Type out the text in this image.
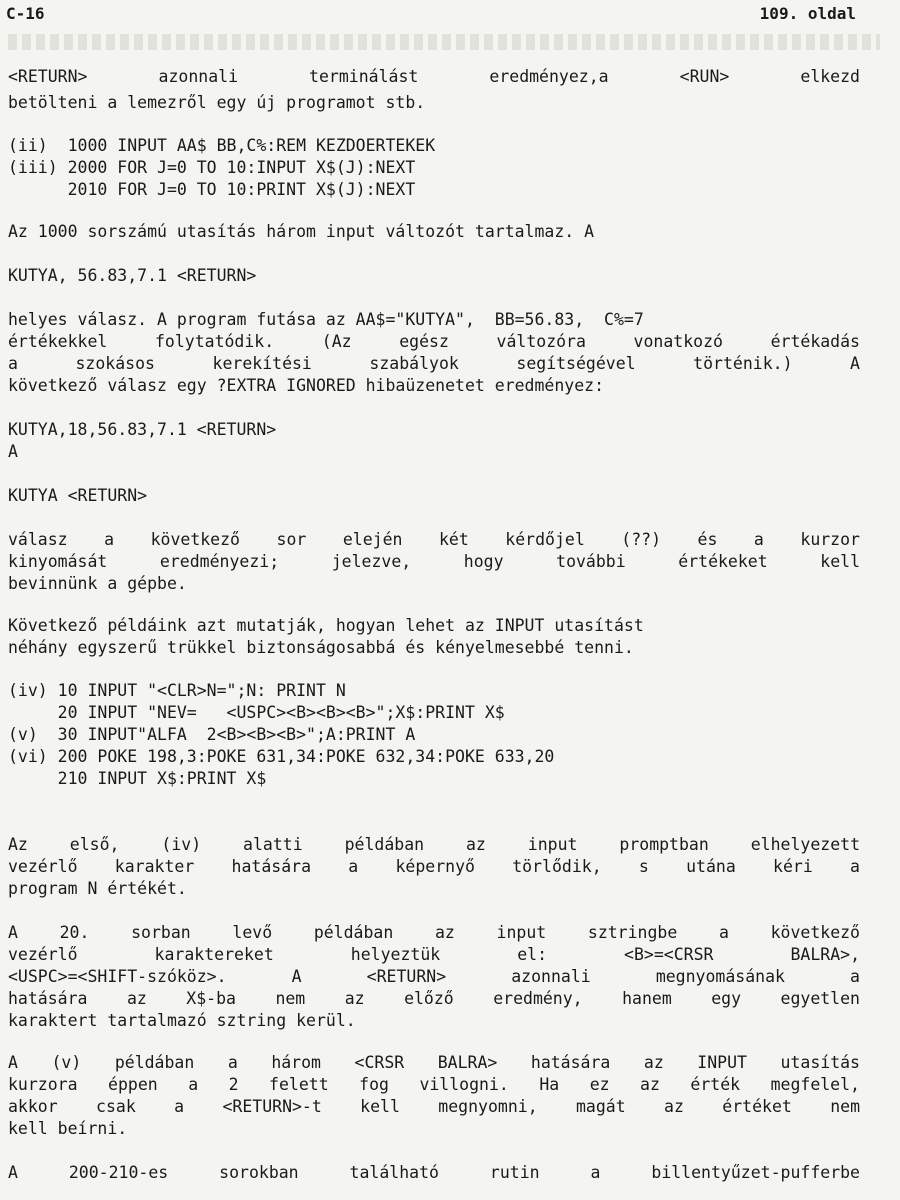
C-16	109. oldal
<RETURN> azonnali terminálást eredményez,a <RUN> elkezd
betölteni a lemezről egy új programot stb.
(ii)  1000 INPUT AA$ BB,C%:REM KEZDOERTEKEK
(iii) 2000 FOR J=0 TO 10:INPUT X$(J):NEXT
2010 FOR J=0 TO 10:PRINT X$(J):NEXT
Az 1000 sorszámú utasítás három input változót tartalmaz. A
KUTYA, 56.83,7.1 <RETURN>
helyes válasz. A program futása az AA$="KUTYA",  BB=56.83,  C%=7
értékekkel folytatódik. (Az egész változóra vonatkozó értékadás
a szokásos kerekítési szabályok segítségével történik.) A
következő válasz egy ?EXTRA IGNORED hibaüzenetet eredményez:
KUTYA,18,56.83,7.1 <RETURN>
A
KUTYA <RETURN>
válasz a következő sor elején két kérdőjel (??) és a kurzor
kinyomását eredményezi; jelezve, hogy további értékeket kell
bevinnünk a gépbe.
Következő példáink azt mutatják, hogyan lehet az INPUT utasítást
néhány egyszerű trükkel biztonságosabbá és kényelmesebbé tenni.
(iv) 10 INPUT "<CLR>N=";N: PRINT N
20 INPUT "NEV=   <USPC><B><B><B>";X$:PRINT X$
(v)  30 INPUT"ALFA  2<B><B><B>";A:PRINT A
(vi) 200 POKE 198,3:POKE 631,34:POKE 632,34:POKE 633,20
210 INPUT X$:PRINT X$
Az első, (iv) alatti példában az input promptban elhelyezett
vezérlő karakter hatására a képernyő törlődik, s utána kéri a
program N értékét.
A 20. sorban levő példában az input sztringbe a következő
vezérlő karaktereket helyeztük el: <B>=<CRSR BALRA>,
<USPC>=<SHIFT-szóköz>. A <RETURN> azonnali megnyomásának a
hatására az X$-ba nem az előző eredmény, hanem egy egyetlen
karaktert tartalmazó sztring kerül.
A (v) példában a három <CRSR BALRA> hatására az INPUT utasítás
kurzora éppen a 2 felett fog villogni. Ha ez az érték megfelel,
akkor csak a <RETURN>-t kell megnyomni, magát az értéket nem
kell beírni.
A 200-210-es sorokban található rutin a billentyűzet-pufferbe
